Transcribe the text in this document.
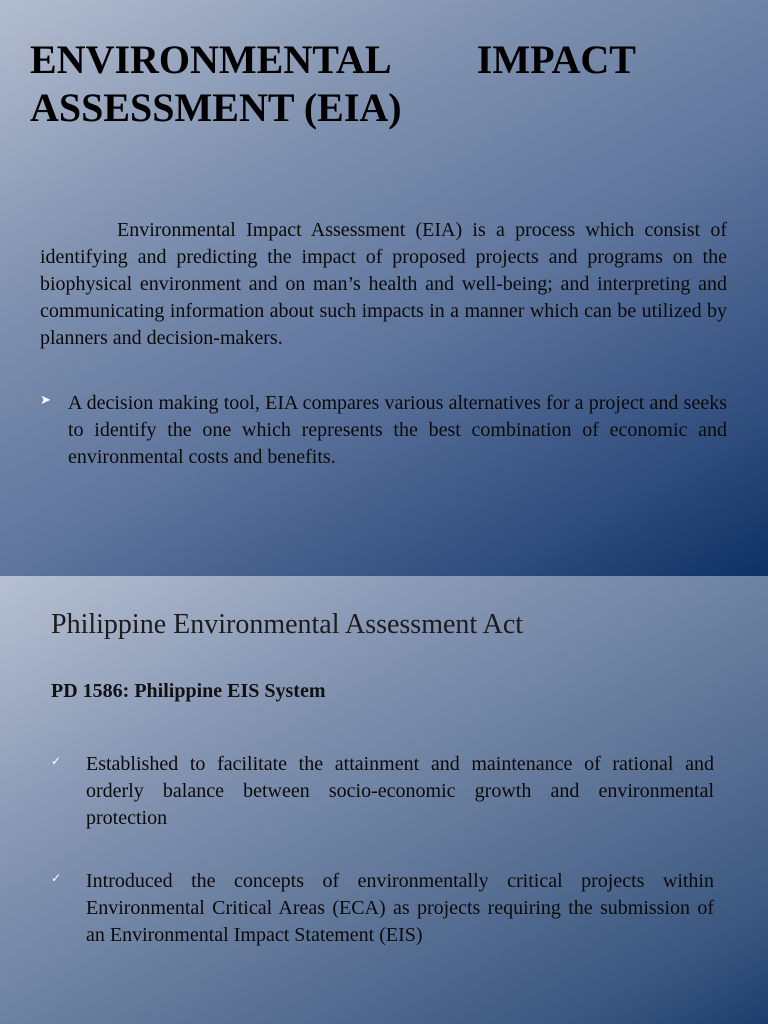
ENVIRONMENTAL IMPACT ASSESSMENT (EIA)

Environmental Impact Assessment (EIA) is a process which consist of identifying and predicting the impact of proposed projects and programs on the biophysical environment and on man’s health and well-being; and interpreting and communicating information about such impacts in a manner which can be utilized by planners and decision-makers.

➤ A decision making tool, EIA compares various alternatives for a project and seeks to identify the one which represents the best combination of economic and environmental costs and benefits.
Philippine Environmental Assessment Act

PD 1586: Philippine EIS System

✓ Established to facilitate the attainment and maintenance of rational and orderly balance between socio-economic growth and environmental protection
✓ Introduced the concepts of environmentally critical projects within Environmental Critical Areas (ECA) as projects requiring the submission of an Environmental Impact Statement (EIS)
